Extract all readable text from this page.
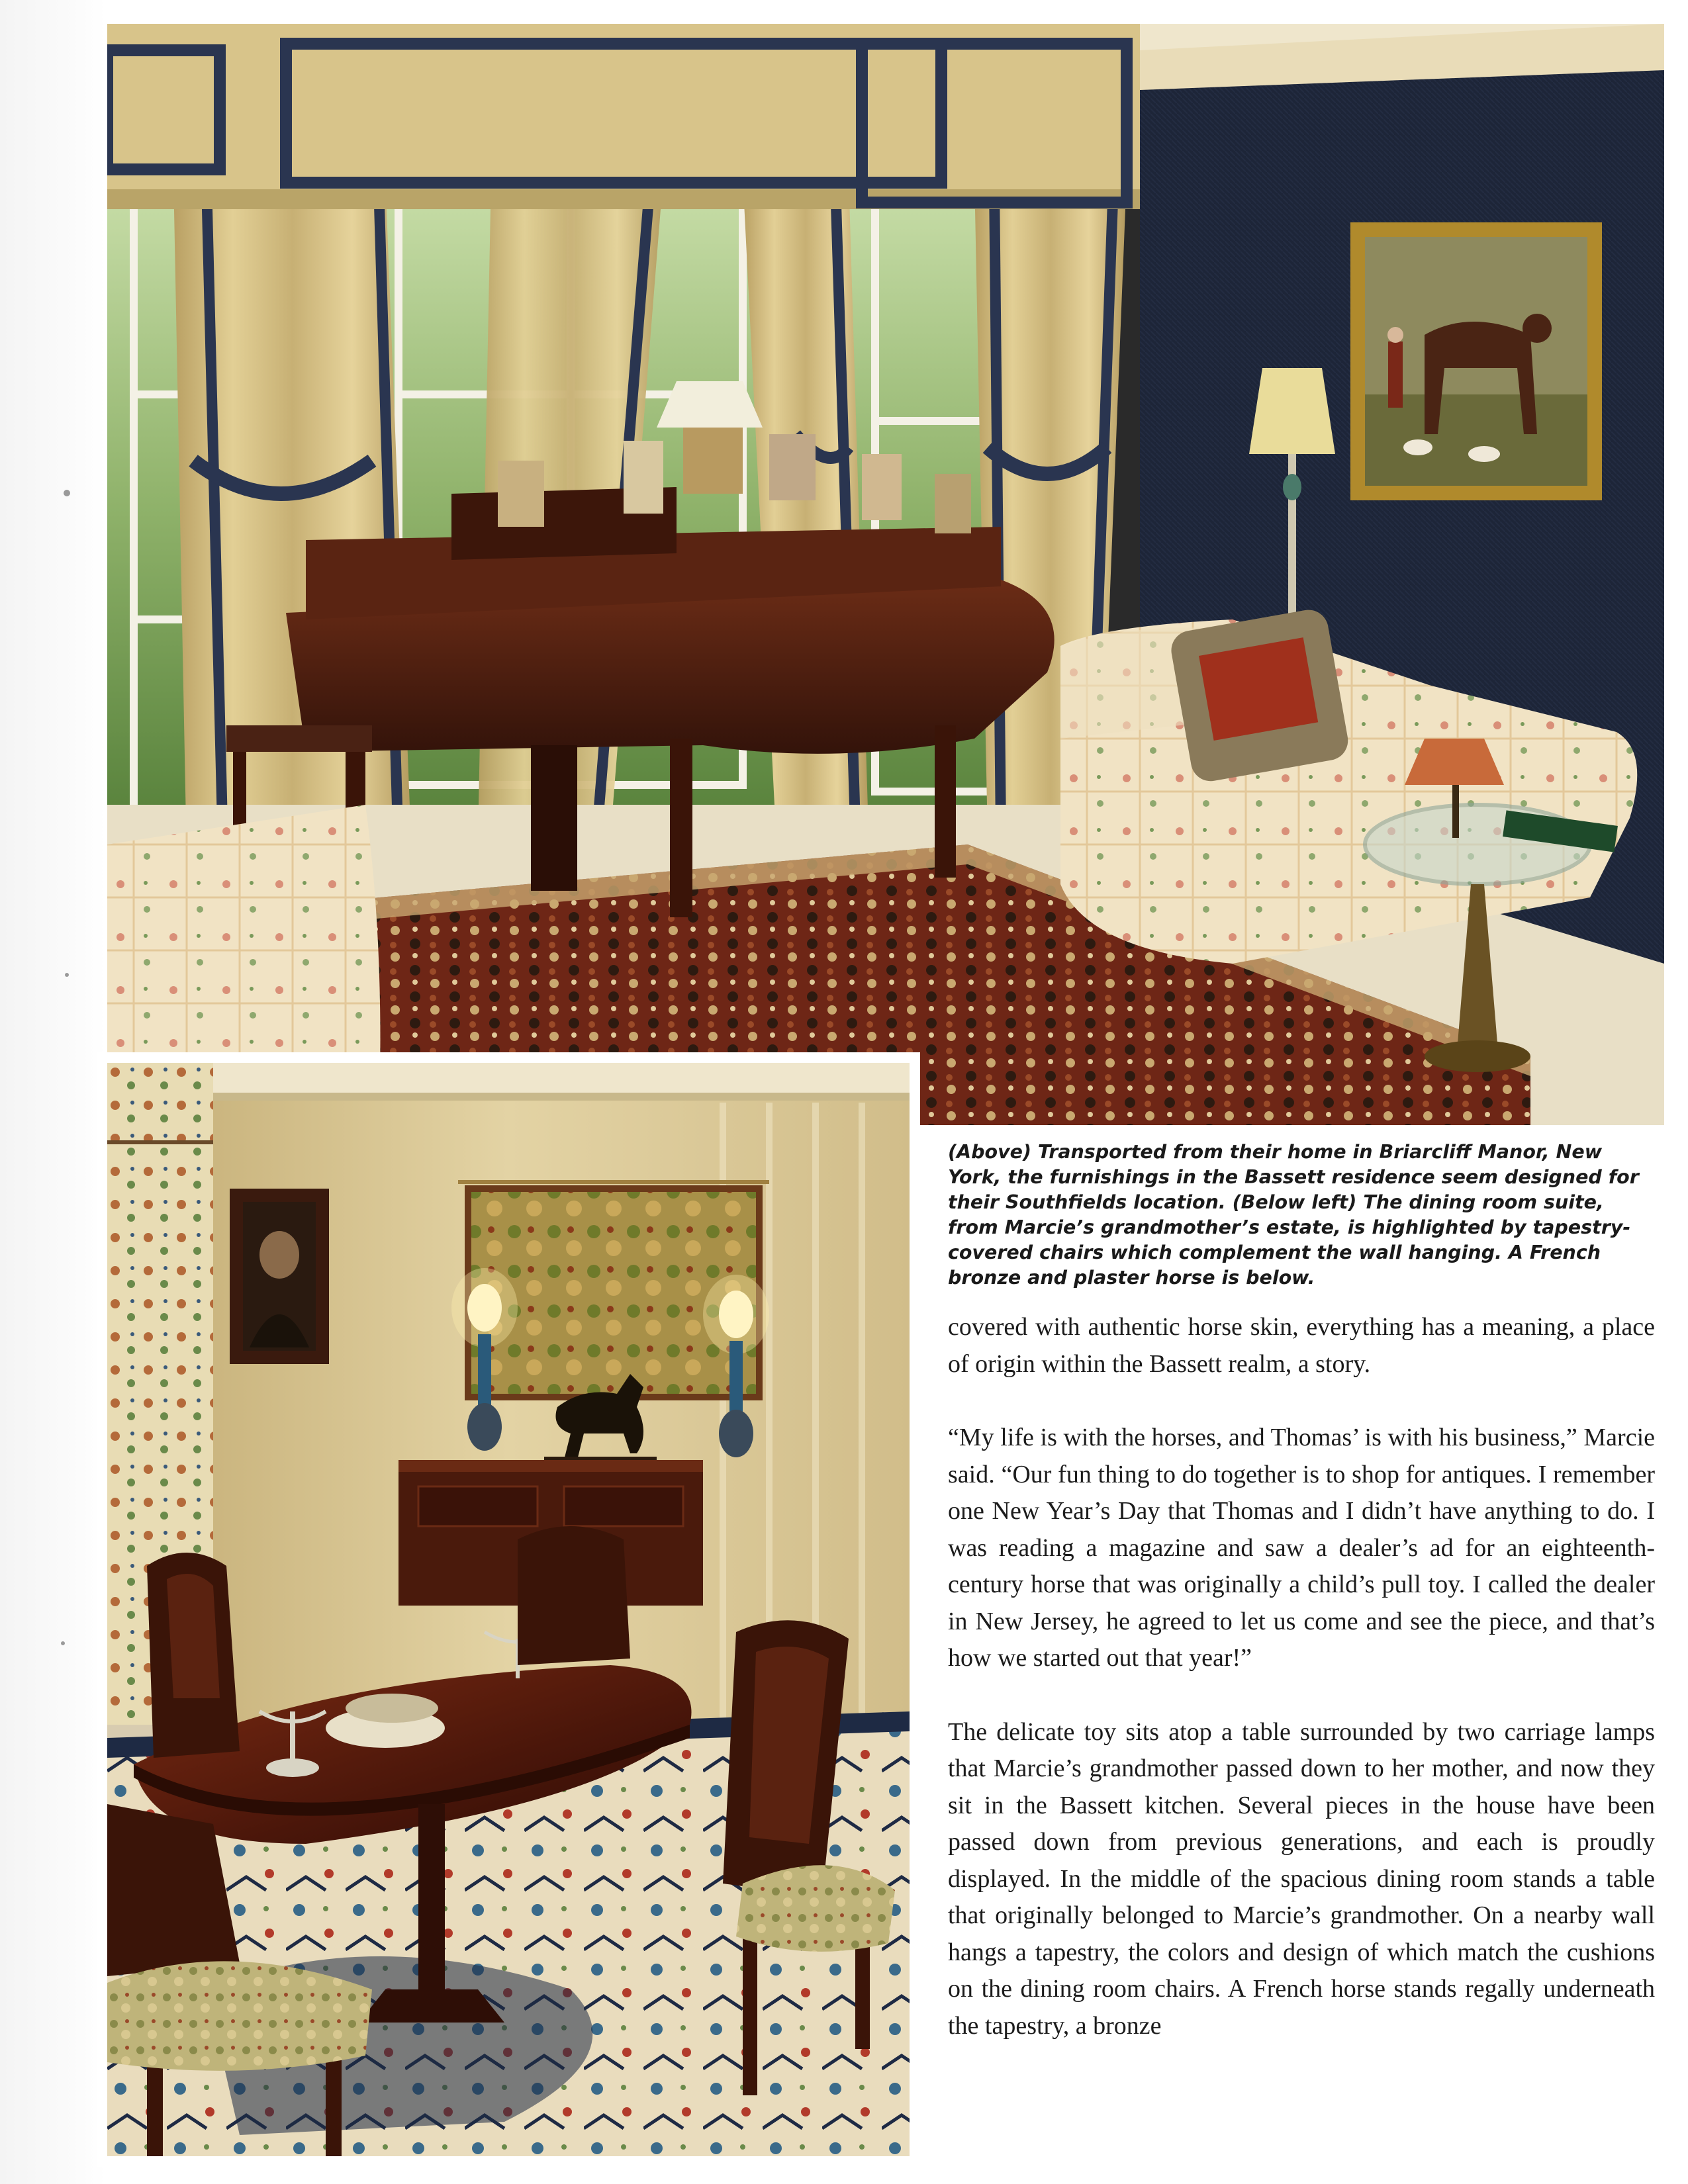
(Above) Transported from their home in Briarcliff Manor, New York, the furnishings in the Bassett residence seem designed for their Southfields location. (Below left) The dining room suite, from Marcie’s grandmother’s estate, is highlighted by tapestry-covered chairs which complement the wall hanging. A French bronze and plaster horse is below.

covered with authentic horse skin, everything has a meaning, a place of origin within the Bassett realm, a story.

“My life is with the horses, and Thomas’ is with his business,” Marcie said. “Our fun thing to do together is to shop for antiques. I remember one New Year’s Day that Thomas and I didn’t have anything to do. I was reading a magazine and saw a dealer’s ad for an eighteenth-century horse that was originally a child’s pull toy. I called the dealer in New Jersey, he agreed to let us come and see the piece, and that’s how we started out that year!”

The delicate toy sits atop a table surrounded by two carriage lamps that Marcie’s grandmother passed down to her mother, and now they sit in the Bassett kitchen. Several pieces in the house have been passed down from previous generations, and each is proudly displayed. In the middle of the spacious dining room stands a table that originally belonged to Marcie’s grandmother. On a nearby wall hangs a tapestry, the colors and design of which match the cushions on the dining room chairs. A French horse stands regally underneath the tapestry, a bronze
